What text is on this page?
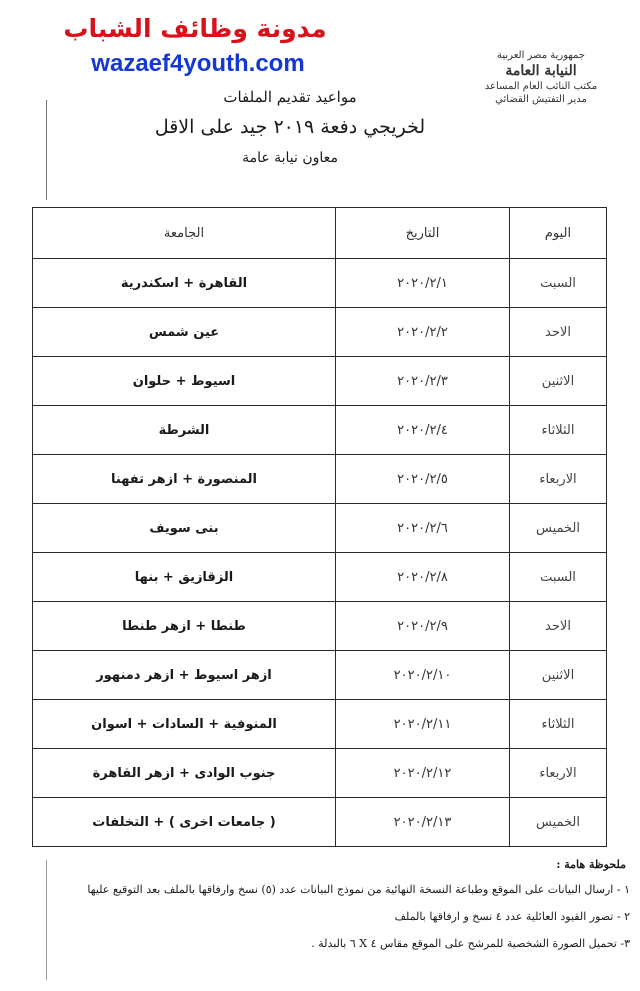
مدونة وظائف الشباب
wazaef4youth.com	جمهورية مصر العربية
النيابة العامة
مكتب النائب العام المساعد
مدير التفتيش القضائي
مواعيد تقديم الملفات
لخريجي دفعة ٢٠١٩ جيد على الاقل
معاون نيابة عامة
اليوم	التاريخ	الجامعة
السبت	٢٠٢٠/٢/١	القاهرة + اسكندرية
الاحد	٢٠٢٠/٢/٢	عين شمس
الاثنين	٢٠٢٠/٢/٣	اسيوط + حلوان
الثلاثاء	٢٠٢٠/٢/٤	الشرطة
الاربعاء	٢٠٢٠/٢/٥	المنصورة + ازهر تفهنا
الخميس	٢٠٢٠/٢/٦	بنى سويف
السبت	٢٠٢٠/٢/٨	الزقازيق + بنها
الاحد	٢٠٢٠/٢/٩	طنطا + ازهر طنطا
الاثنين	٢٠٢٠/٢/١٠	ازهر اسيوط + ازهر دمنهور
الثلاثاء	٢٠٢٠/٢/١١	المنوفية + السادات + اسوان
الاربعاء	٢٠٢٠/٢/١٢	جنوب الوادى + ازهر القاهرة
الخميس	٢٠٢٠/٢/١٣	( جامعات اخرى ) + التخلفات
ملحوظة هامة :
١ - ارسال البيانات على الموقع وطباعة النسخة النهائية من نموذج البيانات عدد (٥) نسخ وارفاقها بالملف بعد التوقيع عليها
٢ - تصور القيود العائلية عدد ٤ نسخ و ارفاقها بالملف
٣- تحميل الصورة الشخصية للمرشح على الموقع مقاس ٤ X ٦ بالبدلة .
